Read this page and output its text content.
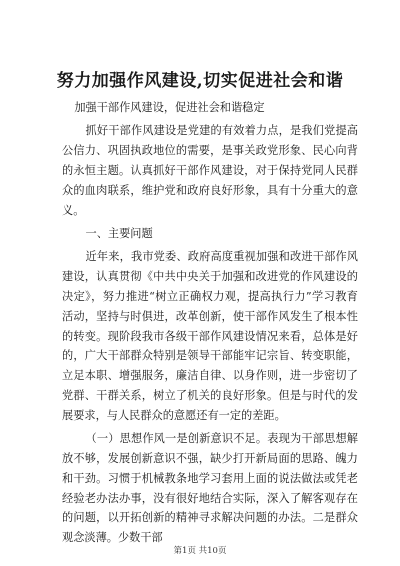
努力加强作风建设,切实促进社会和谐

加强干部作风建设，促进社会和谐稳定

抓好干部作风建设是党建的有效着力点，是我们党提高公信力、巩固执政地位的需要，是事关政党形象、民心向背的永恒主题。认真抓好干部作风建设，对于保持党同人民群众的血肉联系，维护党和政府良好形象，具有十分重大的意义。

一、主要问题

近年来，我市党委、政府高度重视加强和改进干部作风建设，认真贯彻《中共中央关于加强和改进党的作风建设的决定》，努力推进“树立正确权力观，提高执行力”学习教育活动，坚持与时俱进，改革创新，使干部作风发生了根本性的转变。现阶段我市各级干部作风建设情况来看，总体是好的，广大干部群众特别是领导干部能牢记宗旨、转变职能，立足本职、增强服务，廉洁自律、以身作则，进一步密切了党群、干群关系，树立了机关的良好形象。但是与时代的发展要求，与人民群众的意愿还有一定的差距。

（一）思想作风一是创新意识不足。表现为干部思想解放不够，发展创新意识不强，缺少打开新局面的思路、魄力和干劲。习惯于机械教条地学习套用上面的说法做法或凭老经验老办法办事，没有很好地结合实际，深入了解客观存在的问题，以开拓创新的精神寻求解决问题的办法。二是群众观念淡薄。少数干部

第1页 共10页
